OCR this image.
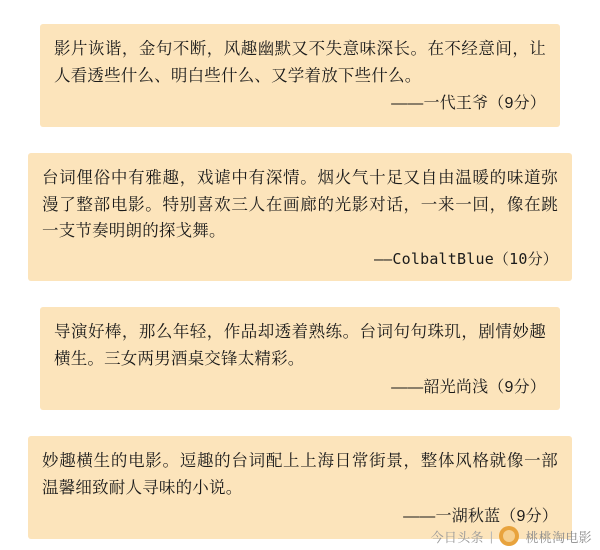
影片诙谐，金句不断，风趣幽默又不失意味深长。在不经意间，让人看透些什么、明白些什么、又学着放下些什么。
——一代王爷（9分）
台词俚俗中有雅趣，戏谑中有深情。烟火气十足又自由温暖的味道弥漫了整部电影。特别喜欢三人在画廊的光影对话，一来一回，像在跳一支节奏明朗的探戈舞。
——ColbaltBlue（10分）
导演好棒，那么年轻，作品却透着熟练。台词句句珠玑，剧情妙趣横生。三女两男酒桌交锋太精彩。
——韶光尚浅（9分）
妙趣横生的电影。逗趣的台词配上上海日常街景，整体风格就像一部温馨细致耐人寻味的小说。
——一湖秋蓝（9分）
今日头条 | 桃桃淘电影
